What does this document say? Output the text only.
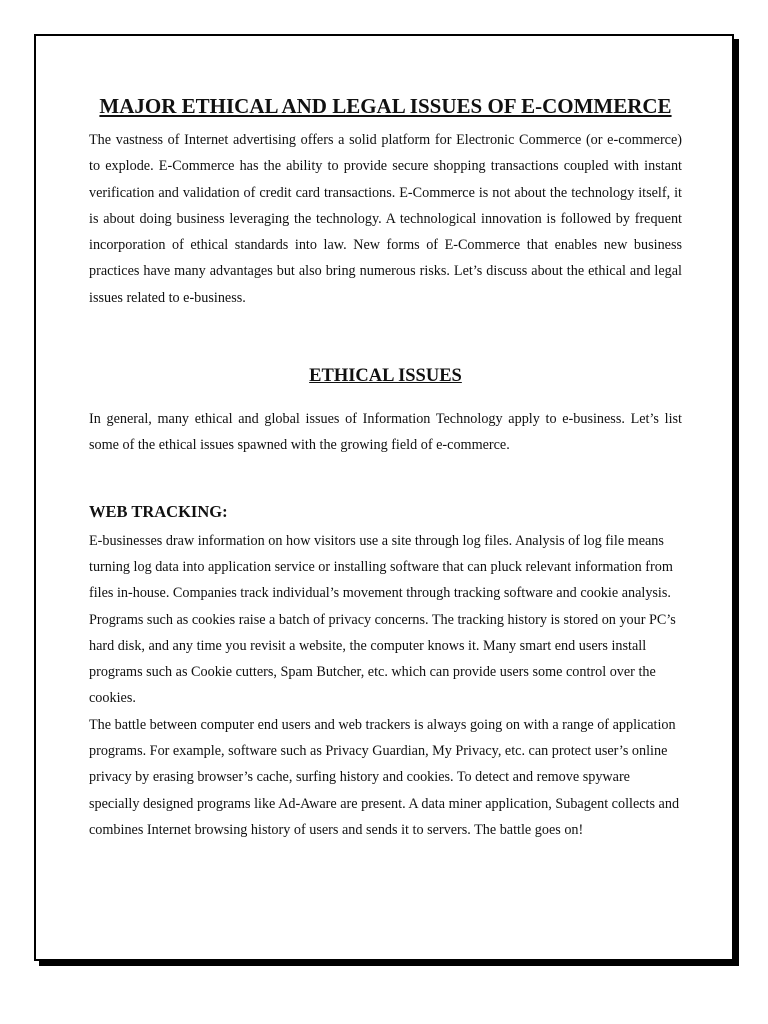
MAJOR ETHICAL AND LEGAL ISSUES OF E-COMMERCE

The vastness of Internet advertising offers a solid platform for Electronic Commerce (or e-commerce) to explode. E-Commerce has the ability to provide secure shopping transactions coupled with instant verification and validation of credit card transactions. E-Commerce is not about the technology itself, it is about doing business leveraging the technology. A technological innovation is followed by frequent incorporation of ethical standards into law. New forms of E-Commerce that enables new business practices have many advantages but also bring numerous risks. Let’s discuss about the ethical and legal issues related to e-business.

ETHICAL ISSUES

In general, many ethical and global issues of Information Technology apply to e-business. Let’s list some of the ethical issues spawned with the growing field of e-commerce.

WEB TRACKING:

E-businesses draw information on how visitors use a site through log files. Analysis of log file means turning log data into application service or installing software that can pluck relevant information from files in-house. Companies track individual’s movement through tracking software and cookie analysis. Programs such as cookies raise a batch of privacy concerns. The tracking history is stored on your PC’s hard disk, and any time you revisit a website, the computer knows it. Many smart end users install programs such as Cookie cutters, Spam Butcher, etc. which can provide users some control over the cookies.

The battle between computer end users and web trackers is always going on with a range of application programs. For example, software such as Privacy Guardian, My Privacy, etc. can protect user’s online privacy by erasing browser’s cache, surfing history and cookies. To detect and remove spyware specially designed programs like Ad-Aware are present. A data miner application, Subagent collects and combines Internet browsing history of users and sends it to servers. The battle goes on!
